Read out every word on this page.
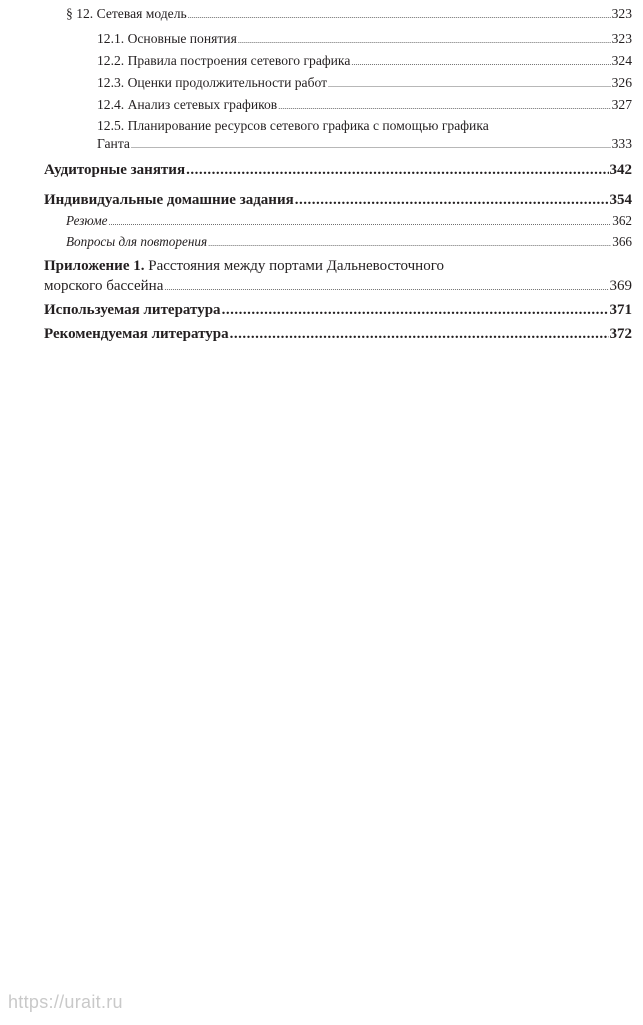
§ 12. Сетевая модель .....	323
12.1. Основные понятия .....	323
12.2. Правила построения сетевого графика .....	324
12.3. Оценки продолжительности работ .....	326
12.4. Анализ сетевых графиков .....	327
12.5. Планирование ресурсов сетевого графика с помощью графика
Ганта .....	333
Аудиторные занятия .....	342
Индивидуальные домашние задания .....	354
Резюме .....	362
Вопросы для повторения .....	366
Приложение 1. Расстояния между портами Дальневосточного
морского бассейна .....	369
Используемая литература .....	371
Рекомендуемая литература .....	372
https://urait.ru
